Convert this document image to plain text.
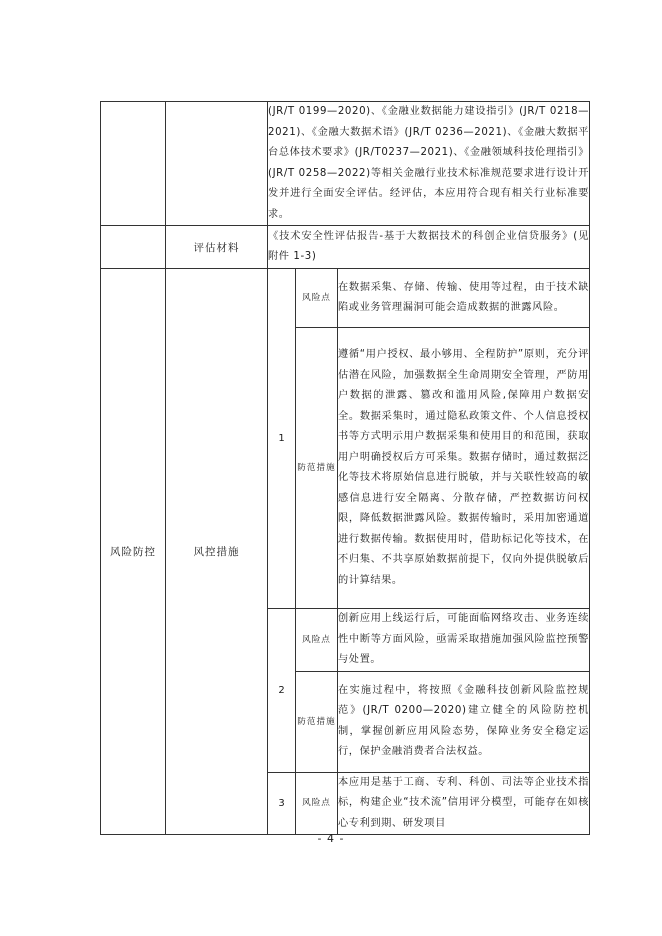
		(JR/T 0199—2020)、《金融业数据能力建设指引》(JR/T 0218—2021)、《金融大数据术语》(JR/T 0236—2021)、《金融大数据平台总体技术要求》(JR/T0237—2021)、《金融领域科技伦理指引》(JR/T 0258—2022)等相关金融行业技术标准规范要求进行设计开发并进行全面安全评估。经评估，本应用符合现有相关行业标准要求。		
	评估材料	《技术安全性评估报告-基于大数据技术的科创企业信贷服务》(见附件 1-3)		
风险防控	风控措施	1	风险点	在数据采集、存储、传输、使用等过程，由于技术缺陷或业务管理漏洞可能会造成数据的泄露风险。
			防范措施	遵循“用户授权、最小够用、全程防护”原则，充分评估潜在风险，加强数据全生命周期安全管理，严防用户数据的泄露、篡改和滥用风险,保障用户数据安全。数据采集时，通过隐私政策文件、个人信息授权书等方式明示用户数据采集和使用目的和范围，获取用户明确授权后方可采集。数据存储时，通过数据泛化等技术将原始信息进行脱敏，并与关联性较高的敏感信息进行安全隔离、分散存储，严控数据访问权限，降低数据泄露风险。数据传输时，采用加密通道进行数据传输。数据使用时，借助标记化等技术，在不归集、不共享原始数据前提下，仅向外提供脱敏后的计算结果。
		2	风险点	创新应用上线运行后，可能面临网络攻击、业务连续性中断等方面风险，亟需采取措施加强风险监控预警与处置。
			防范措施	在实施过程中，将按照《金融科技创新风险监控规范》(JR/T 0200—2020)建立健全的风险防控机制，掌握创新应用风险态势，保障业务安全稳定运行，保护金融消费者合法权益。
		3	风险点	本应用是基于工商、专利、科创、司法等企业技术指标，构建企业“技术流”信用评分模型，可能存在如核心专利到期、研发项目
- 4 -
